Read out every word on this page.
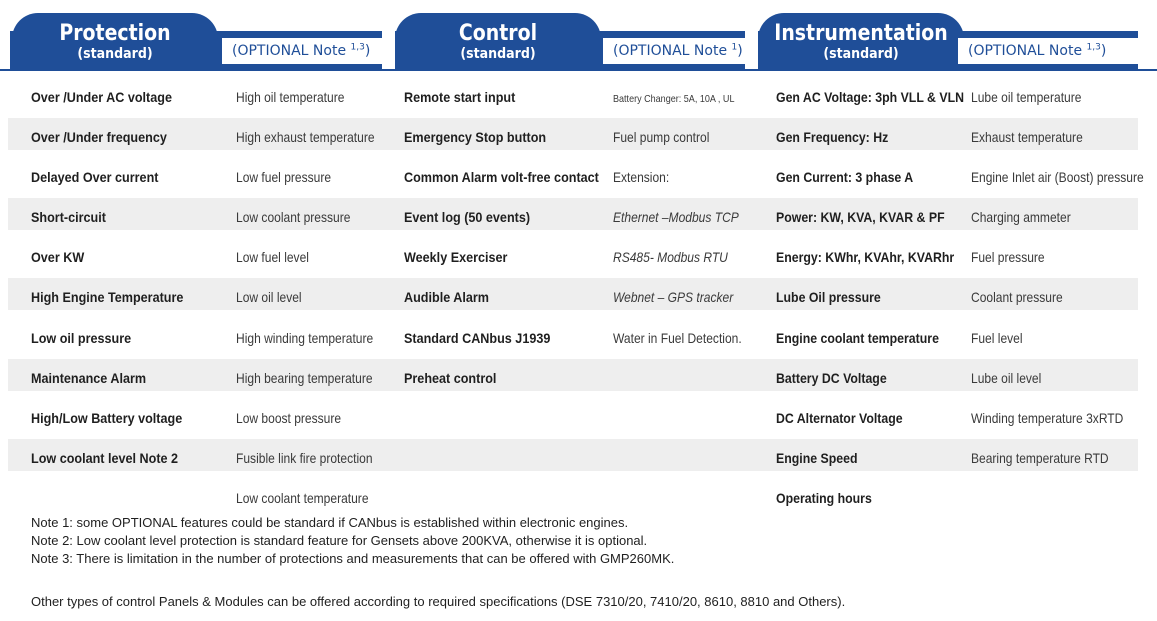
Protection
(standard)
Control
(standard)
Instrumentation
(standard)
(OPTIONAL Note $^{1,3}$)	(OPTIONAL Note $^1$)	(OPTIONAL Note $^{1,3}$)
Over /Under AC voltage
Over /Under frequency
Delayed Over current
Short-circuit
Over KW
High Engine Temperature
Low oil pressure
Maintenance Alarm
High/Low Battery voltage
Low coolant level Note 2
High oil temperature
High exhaust temperature
Low fuel pressure
Low coolant pressure
Low fuel level
Low oil level
High winding temperature
High bearing temperature
Low boost pressure
Fusible link fire protection
Low coolant temperature
Remote start input
Emergency Stop button
Common Alarm volt-free contact
Event log (50 events)
Weekly Exerciser
Audible Alarm
Standard CANbus J1939
Preheat control
Battery Changer: 5A, 10A , UL
Fuel pump control
Extension:
Ethernet –Modbus TCP
RS485- Modbus RTU
Webnet – GPS tracker
Water in Fuel Detection.
Gen AC Voltage: 3ph VLL & VLN
Gen Frequency: Hz
Gen Current: 3 phase A
Power: KW, KVA, KVAR & PF
Energy: KWhr, KVAhr, KVARhr
Lube Oil pressure
Engine coolant temperature
Battery DC Voltage
DC Alternator Voltage
Engine Speed
Operating hours
Lube oil temperature
Exhaust temperature
Engine Inlet air (Boost) pressure
Charging ammeter
Fuel pressure
Coolant pressure
Fuel level
Lube oil level
Winding temperature 3xRTD
Bearing temperature RTD
Note 1: some OPTIONAL features could be standard if CANbus is established within electronic engines.
Note 2: Low coolant level protection is standard feature for Gensets above 200KVA, otherwise it is optional.
Note 3: There is limitation in the number of protections and measurements that can be offered with GMP260MK.
Other types of control Panels & Modules can be offered according to required specifications (DSE 7310/20, 7410/20, 8610, 8810 and Others).
